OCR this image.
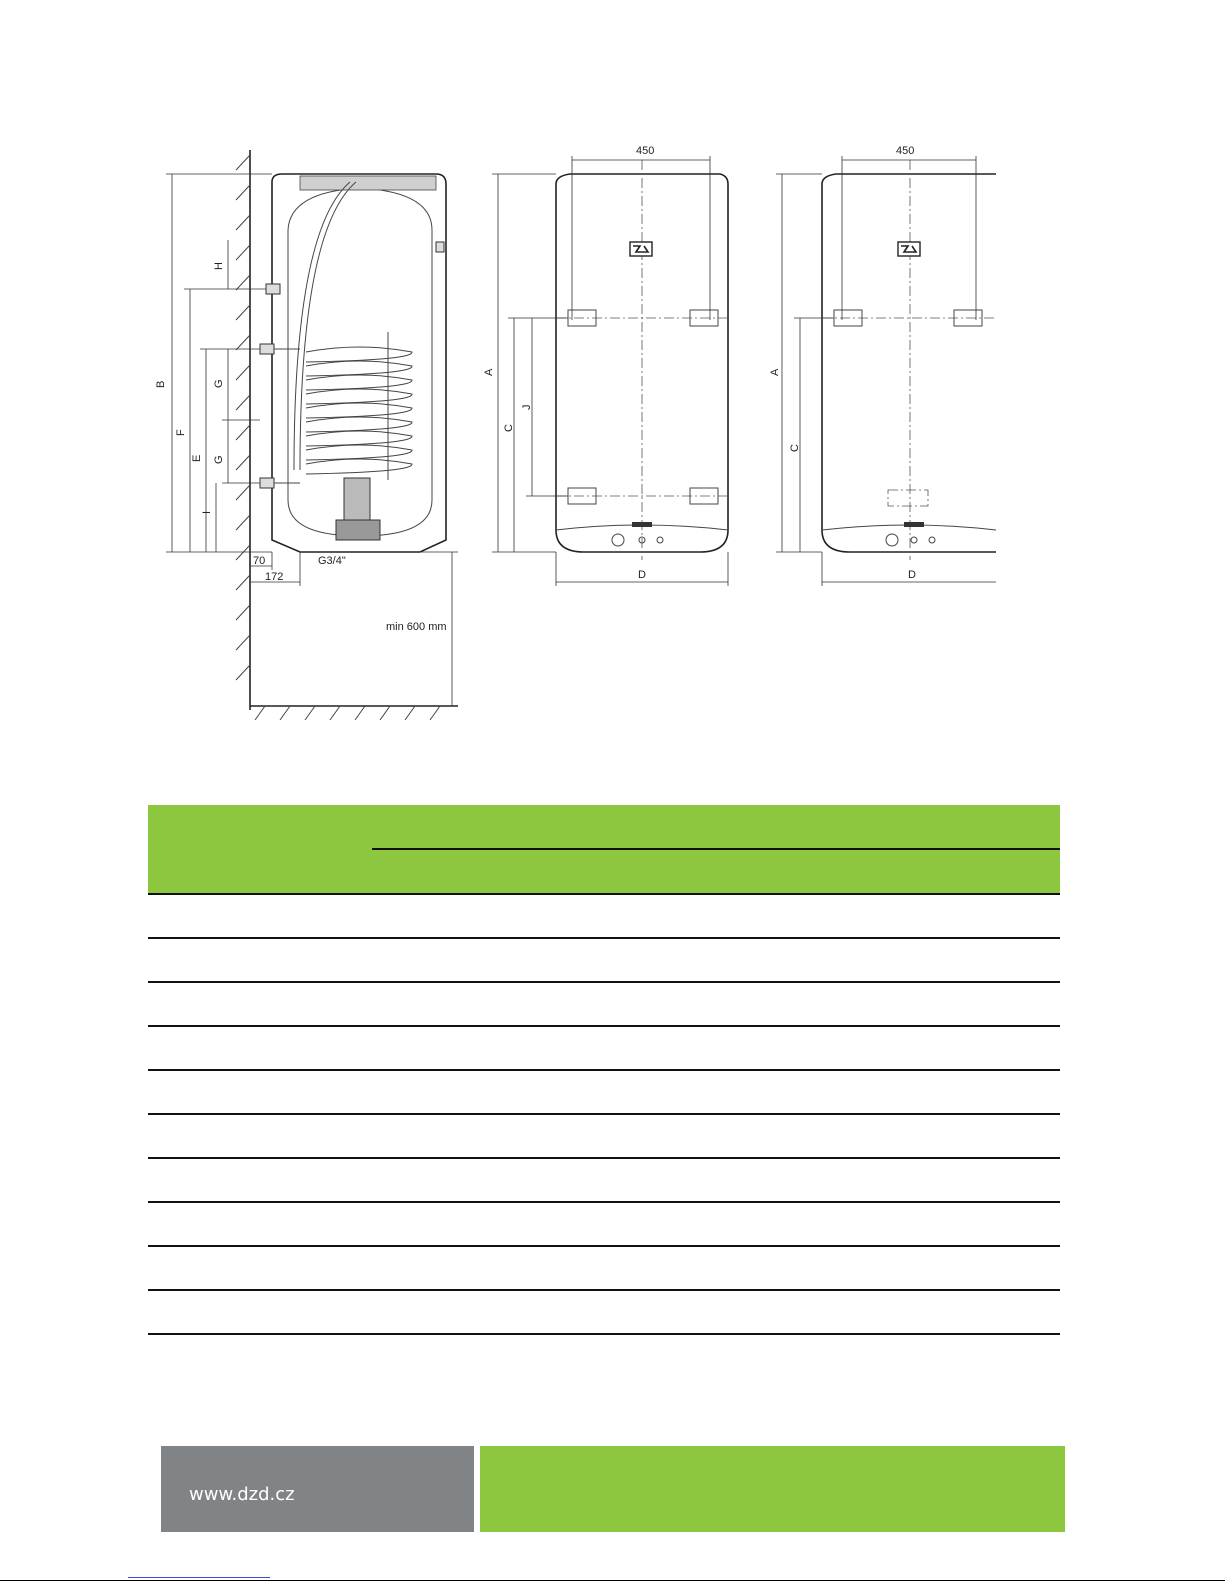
B
F
E
H
G
G
I
70
172
G3/4"
min 600 mm
450
A
C
J
D
450
A
C
D
www.dzd.cz
